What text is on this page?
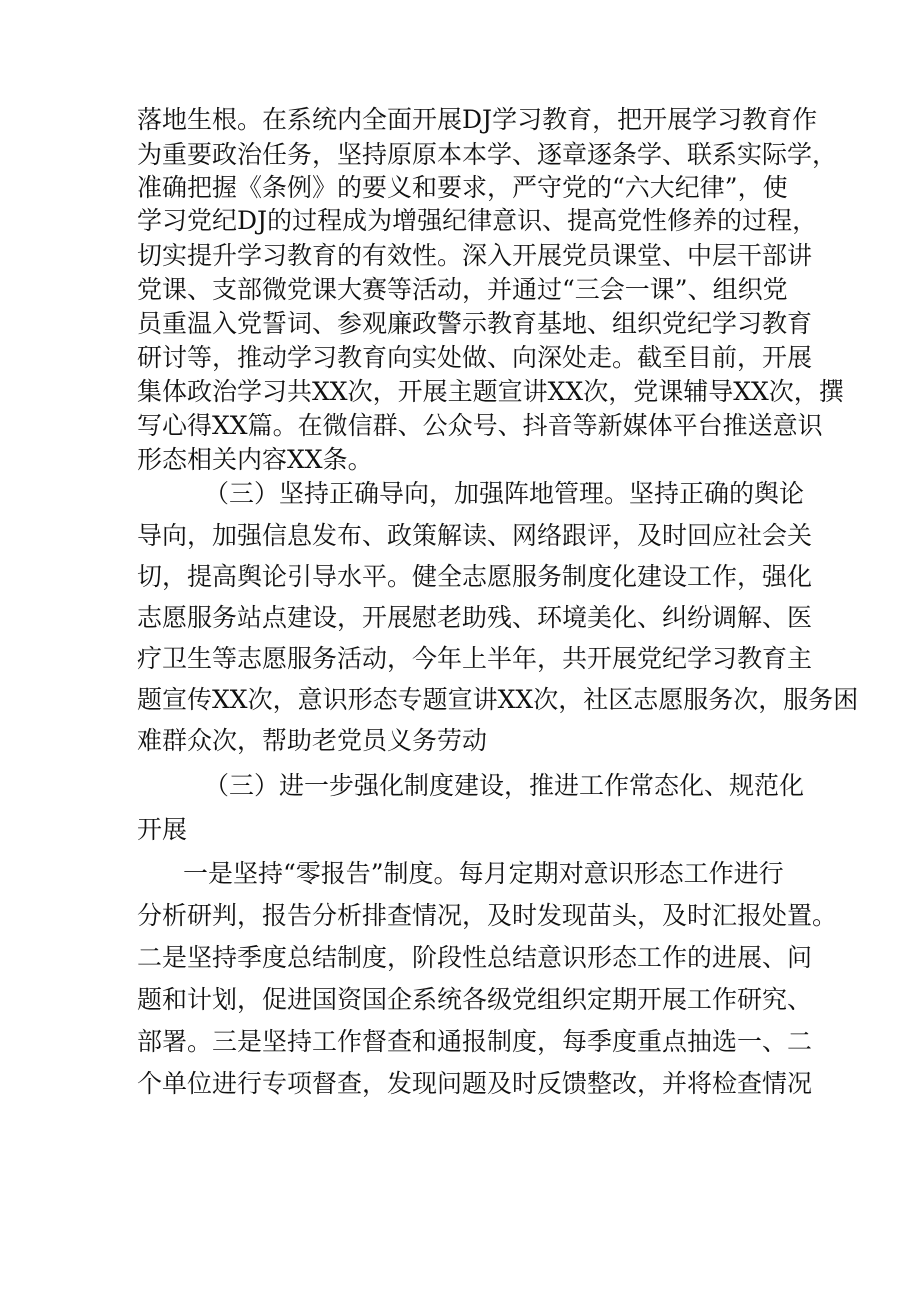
落地生根。在系统内全面开展DJ学习教育，把开展学习教育作
为重要政治任务，坚持原原本本学、逐章逐条学、联系实际学，
准确把握《条例》的要义和要求，严守党的“六大纪律”，使
学习党纪DJ的过程成为增强纪律意识、提高党性修养的过程，
切实提升学习教育的有效性。深入开展党员课堂、中层干部讲
党课、支部微党课大赛等活动，并通过“三会一课”、组织党
员重温入党誓词、参观廉政警示教育基地、组织党纪学习教育
研讨等，推动学习教育向实处做、向深处走。截至目前，开展
集体政治学习共XX次，开展主题宣讲XX次，党课辅导XX次，撰
写心得XX篇。在微信群、公众号、抖音等新媒体平台推送意识
形态相关内容XX条。
（三）坚持正确导向，加强阵地管理。坚持正确的舆论
导向，加强信息发布、政策解读、网络跟评，及时回应社会关
切，提高舆论引导水平。健全志愿服务制度化建设工作，强化
志愿服务站点建设，开展慰老助残、环境美化、纠纷调解、医
疗卫生等志愿服务活动，今年上半年，共开展党纪学习教育主
题宣传XX次，意识形态专题宣讲XX次，社区志愿服务次，服务困
难群众次，帮助老党员义务劳动
（三）进一步强化制度建设，推进工作常态化、规范化
开展
一是坚持“零报告”制度。每月定期对意识形态工作进行
分析研判，报告分析排查情况，及时发现苗头，及时汇报处置。
二是坚持季度总结制度，阶段性总结意识形态工作的进展、问
题和计划，促进国资国企系统各级党组织定期开展工作研究、
部署。三是坚持工作督查和通报制度，每季度重点抽选一、二
个单位进行专项督查，发现问题及时反馈整改，并将检查情况
